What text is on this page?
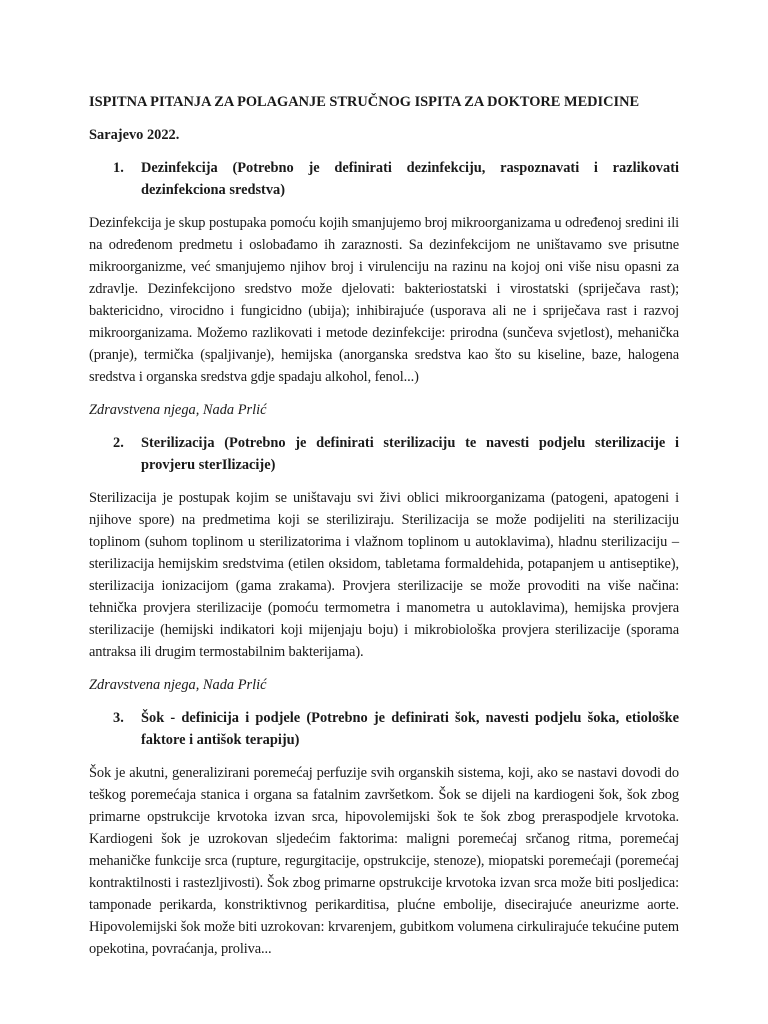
ISPITNA PITANJA ZA POLAGANJE STRUČNOG ISPITA ZA DOKTORE MEDICINE
Sarajevo 2022.
1.	Dezinfekcija (Potrebno je definirati dezinfekciju, raspoznavati i razlikovati dezinfekciona sredstva)
Dezinfekcija je skup postupaka pomoću kojih smanjujemo broj mikroorganizama u određenoj sredini ili na određenom predmetu i oslobađamo ih zaraznosti. Sa dezinfekcijom ne uništavamo sve prisutne mikroorganizme, već smanjujemo njihov broj i virulenciju na razinu na kojoj oni više nisu opasni za zdravlje. Dezinfekcijono sredstvo može djelovati: bakteriostatski i virostatski (spriječava rast); baktericidno, virocidno i fungicidno (ubija); inhibirajuće (usporava ali ne i spriječava rast i razvoj mikroorganizama. Možemo razlikovati i metode dezinfekcije: prirodna (sunčeva svjetlost), mehanička (pranje), termička (spaljivanje), hemijska (anorganska sredstva kao što su kiseline, baze, halogena sredstva i organska sredstva gdje spadaju alkohol, fenol...)
Zdravstvena njega, Nada Prlić
2.	Sterilizacija (Potrebno je definirati sterilizaciju te navesti podjelu sterilizacije i provjeru sterIlizacije)
Sterilizacija je postupak kojim se uništavaju svi živi oblici mikroorganizama (patogeni, apatogeni i njihove spore) na predmetima koji se steriliziraju. Sterilizacija se može podijeliti na sterilizaciju toplinom (suhom toplinom u sterilizatorima i vlažnom toplinom u autoklavima), hladnu sterilizaciju – sterilizacija hemijskim sredstvima (etilen oksidom, tabletama formaldehida, potapanjem u antiseptike), sterilizacija ionizacijom (gama zrakama). Provjera sterilizacije se može provoditi na više načina: tehnička provjera sterilizacije (pomoću termometra i manometra u autoklavima), hemijska provjera sterilizacije (hemijski indikatori koji mijenjaju boju) i mikrobiološka provjera sterilizacije (sporama antraksa ili drugim termostabilnim bakterijama).
Zdravstvena njega, Nada Prlić
3.	Šok - definicija i podjele (Potrebno je definirati šok, navesti podjelu šoka, etiološke faktore i antišok terapiju)
Šok je akutni, generalizirani poremećaj perfuzije svih organskih sistema, koji, ako se nastavi dovodi do teškog poremećaja stanica i organa sa fatalnim završetkom. Šok se dijeli na kardiogeni šok, šok zbog primarne opstrukcije krvotoka izvan srca, hipovolemijski šok te šok zbog preraspodjele krvotoka. Kardiogeni šok je uzrokovan sljedećim faktorima: maligni poremećaj srčanog ritma, poremećaj mehaničke funkcije srca (rupture, regurgitacije, opstrukcije, stenoze), miopatski poremećaji (poremećaj kontraktilnosti i rastezljivosti). Šok zbog primarne opstrukcije krvotoka izvan srca može biti posljedica: tamponade perikarda, konstriktivnog perikarditisa, plućne embolije, disecirajuće aneurizme aorte. Hipovolemijski šok može biti uzrokovan: krvarenjem, gubitkom volumena cirkulirajuće tekućine putem opekotina, povraćanja, proliva...
